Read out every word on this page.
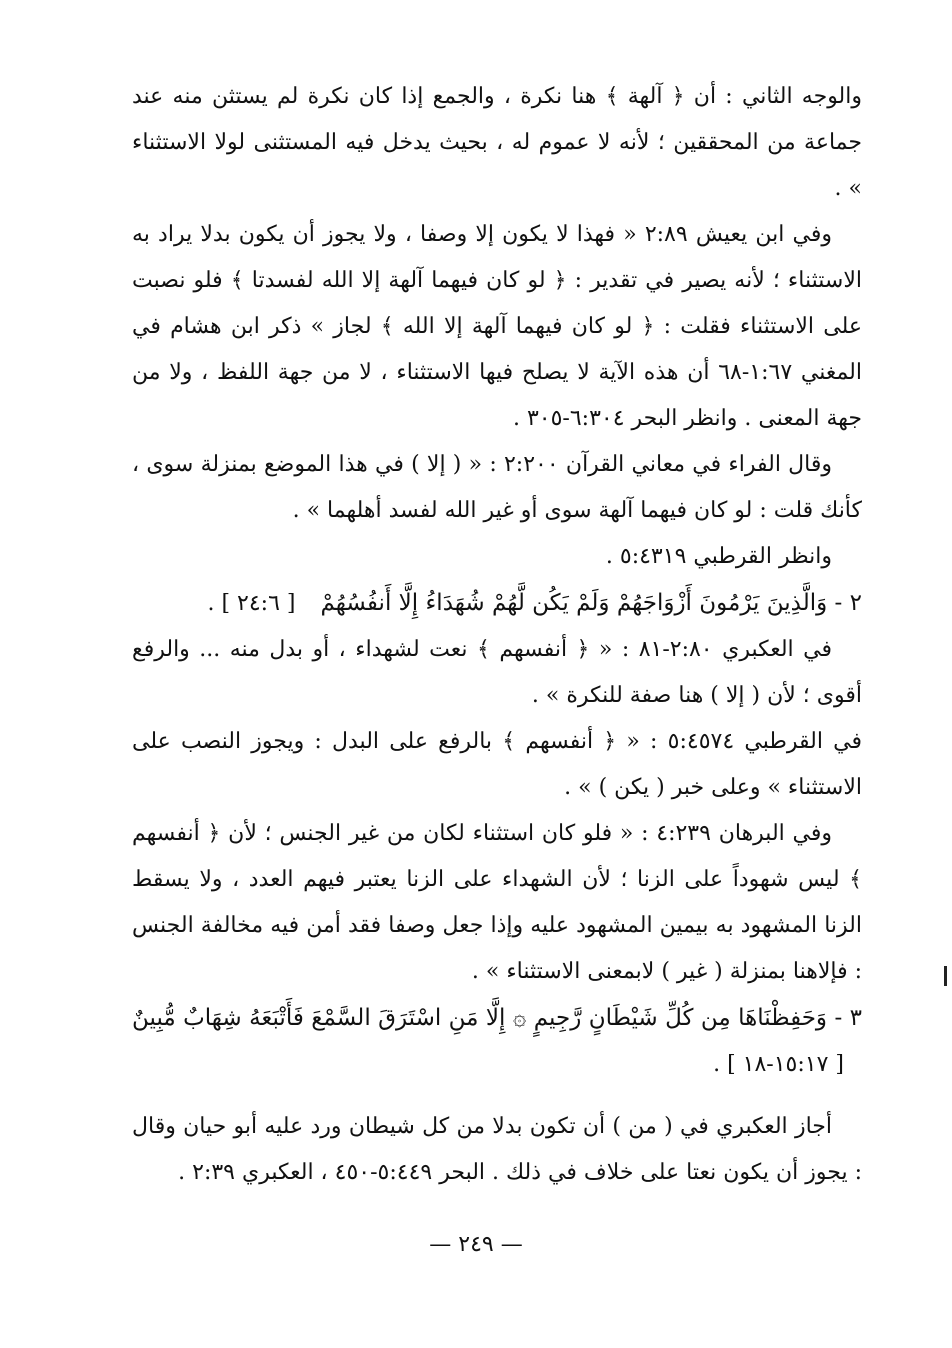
والوجه الثاني : أن ﴿ آلهة ﴾ هنا نكرة ، والجمع إذا كان نكرة لم يستثن منه عند جماعة من المحققين ؛ لأنه لا عموم له ، بحيث يدخل فيه المستثنى لولا الاستثناء » .

وفي ابن يعيش ٢:٨٩ « فهذا لا يكون إلا وصفا ، ولا يجوز أن يكون بدلا يراد به الاستثناء ؛ لأنه يصير في تقدير : ﴿ لو كان فيهما آلهة إلا الله لفسدتا ﴾ فلو نصبت على الاستثناء فقلت : ﴿ لو كان فيهما آلهة إلا الله ﴾ لجاز » ذكر ابن هشام في المغني ١:٦٧-٦٨ أن هذه الآية لا يصلح فيها الاستثناء ، لا من جهة اللفظ ، ولا من جهة المعنى . وانظر البحر ٦:٣٠٤-٣٠٥ .

وقال الفراء في معاني القرآن ٢:٢٠٠ : « ( إلا ) في هذا الموضع بمنزلة سوى ، كأنك قلت : لو كان فيهما آلهة سوى أو غير الله لفسد أهلهما » .

وانظر القرطبي ٥:٤٣١٩ .

٢ - وَالَّذِينَ يَرْمُونَ أَزْوَاجَهُمْ وَلَمْ يَكُن لَّهُمْ شُهَدَاءُ إِلَّا أَنفُسُهُمْ [ ٢٤:٦ ] .

في العكبري ٢:٨٠-٨١ : « ﴿ أنفسهم ﴾ نعت لشهداء ، أو بدل منه ... والرفع أقوى ؛ لأن ( إلا ) هنا صفة للنكرة » .

في القرطبي ٥:٤٥٧٤ : « ﴿ أنفسهم ﴾ بالرفع على البدل : ويجوز النصب على الاستثناء » وعلى خبر ( يكن ) » .

وفي البرهان ٤:٢٣٩ : « فلو كان استثناء لكان من غير الجنس ؛ لأن ﴿ أنفسهم ﴾ ليس شهوداً على الزنا ؛ لأن الشهداء على الزنا يعتبر فيهم العدد ، ولا يسقط الزنا المشهود به بيمين المشهود عليه وإذا جعل وصفا فقد أمن فيه مخالفة الجنس : فإلاهنا بمنزلة ( غير ) لابمعنى الاستثناء » .

٣ - وَحَفِظْنَاهَا مِن كُلِّ شَيْطَانٍ رَّجِيمٍ ۞ إِلَّا مَنِ اسْتَرَقَ السَّمْعَ فَأَتْبَعَهُ شِهَابٌ مُّبِينٌ [ ١٥:١٧-١٨ ] .

أجاز العكبري في ( من ) أن تكون بدلا من كل شيطان ورد عليه أبو حيان وقال : يجوز أن يكون نعتا على خلاف في ذلك . البحر ٥:٤٤٩-٤٥٠ ، العكبري ٢:٣٩ .

— ٢٤٩ —
